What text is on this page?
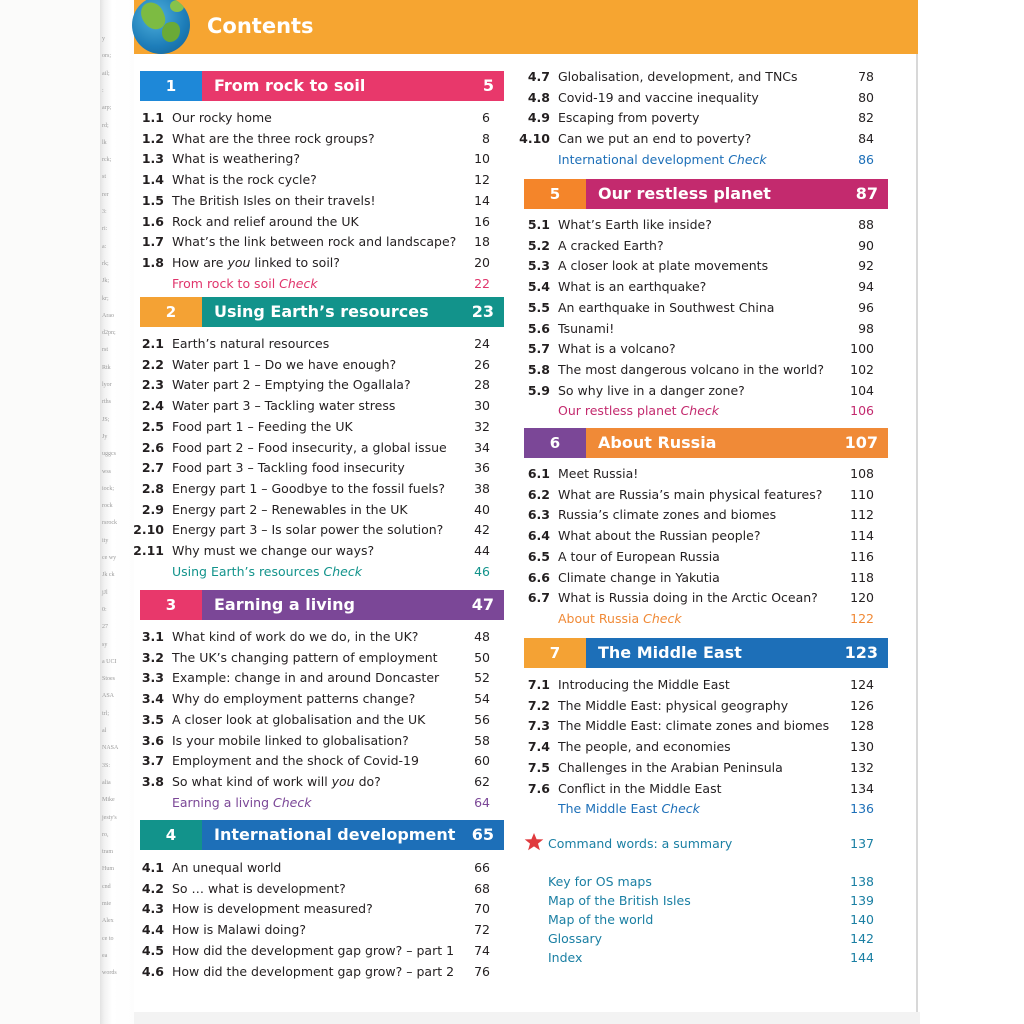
y
ors;
ail;
:
arp;
rd;
lk
rck;
st
rer
3:
ri:
a:
rk;
Jk;
kr;
Arao
d2pn;
rst
Rtk
lyor
rths
JS;
Jy
uggcs
wss
iock;
rock
rsrock
ity
ce wy
Jk ck
jJl
0:
27
sy
a UCI
Stoes
ASA
trl;
al
NASA
3S:
alia
Mike
jesty's
ro,
tram
Hum
cnd
mie
Alex
ce to
ea
words
Contents
1	From rock to soil	5
1.1 Our rocky home	6
1.2 What are the three rock groups?	8
1.3 What is weathering?	10
1.4 What is the rock cycle?	12
1.5 The British Isles on their travels!	14
1.6 Rock and relief around the UK	16
1.7 What’s the link between rock and landscape? 18
1.8 How are you linked to soil?	20
From rock to soil Check	22
2	Using Earth’s resources	23
2.1 Earth’s natural resources	24
2.2 Water part 1 – Do we have enough?	26
2.3 Water part 2 – Emptying the Ogallala?	28
2.4 Water part 3 – Tackling water stress	30
2.5 Food part 1 – Feeding the UK	32
2.6 Food part 2 – Food insecurity, a global issue 34
2.7 Food part 3 – Tackling food insecurity	36
2.8 Energy part 1 – Goodbye to the fossil fuels? 38
2.9 Energy part 2 – Renewables in the UK	40
2.10 Energy part 3 – Is solar power the solution? 42
2.11 Why must we change our ways?	44
Using Earth’s resources Check	46
3	Earning a living	47
3.1 What kind of work do we do, in the UK?	48
3.2 The UK’s changing pattern of employment	50
3.3 Example: change in and around Doncaster	52
3.4 Why do employment patterns change?	54
3.5 A closer look at globalisation and the UK	56
3.6 Is your mobile linked to globalisation?	58
3.7 Employment and the shock of Covid-19	60
3.8 So what kind of work will you do?	62
Earning a living Check	64
4	International development 65
4.1 An unequal world	66
4.2 So … what is development?	68
4.3 How is development measured?	70
4.4 How is Malawi doing?	72
4.5 How did the development gap grow? – part 1 74
4.6 How did the development gap grow? – part 2 76
4.7 Globalisation, development, and TNCs	78
4.8 Covid-19 and vaccine inequality	80
4.9 Escaping from poverty	82
4.10 Can we put an end to poverty?	84
International development Check	86
5	Our restless planet	87
5.1 What’s Earth like inside?	88
5.2 A cracked Earth?	90
5.3 A closer look at plate movements	92
5.4 What is an earthquake?	94
5.5 An earthquake in Southwest China	96
5.6 Tsunami!	98
5.7 What is a volcano?	100
5.8 The most dangerous volcano in the world? 102
5.9 So why live in a danger zone?	104
Our restless planet Check	106
6	About Russia	107
6.1 Meet Russia!	108
6.2 What are Russia’s main physical features? 110
6.3 Russia’s climate zones and biomes	112
6.4 What about the Russian people?	114
6.5 A tour of European Russia	116
6.6 Climate change in Yakutia	118
6.7 What is Russia doing in the Arctic Ocean?	120
About Russia Check	122
7	The Middle East	123
7.1 Introducing the Middle East	124
7.2 The Middle East: physical geography	126
7.3 The Middle East: climate zones and biomes 128
7.4 The people, and economies	130
7.5 Challenges in the Arabian Peninsula	132
7.6 Conflict in the Middle East	134
The Middle East Check	136
Command words: a summary	137
Key for OS maps	138
Map of the British Isles	139
Map of the world	140
Glossary	142
Index	144
